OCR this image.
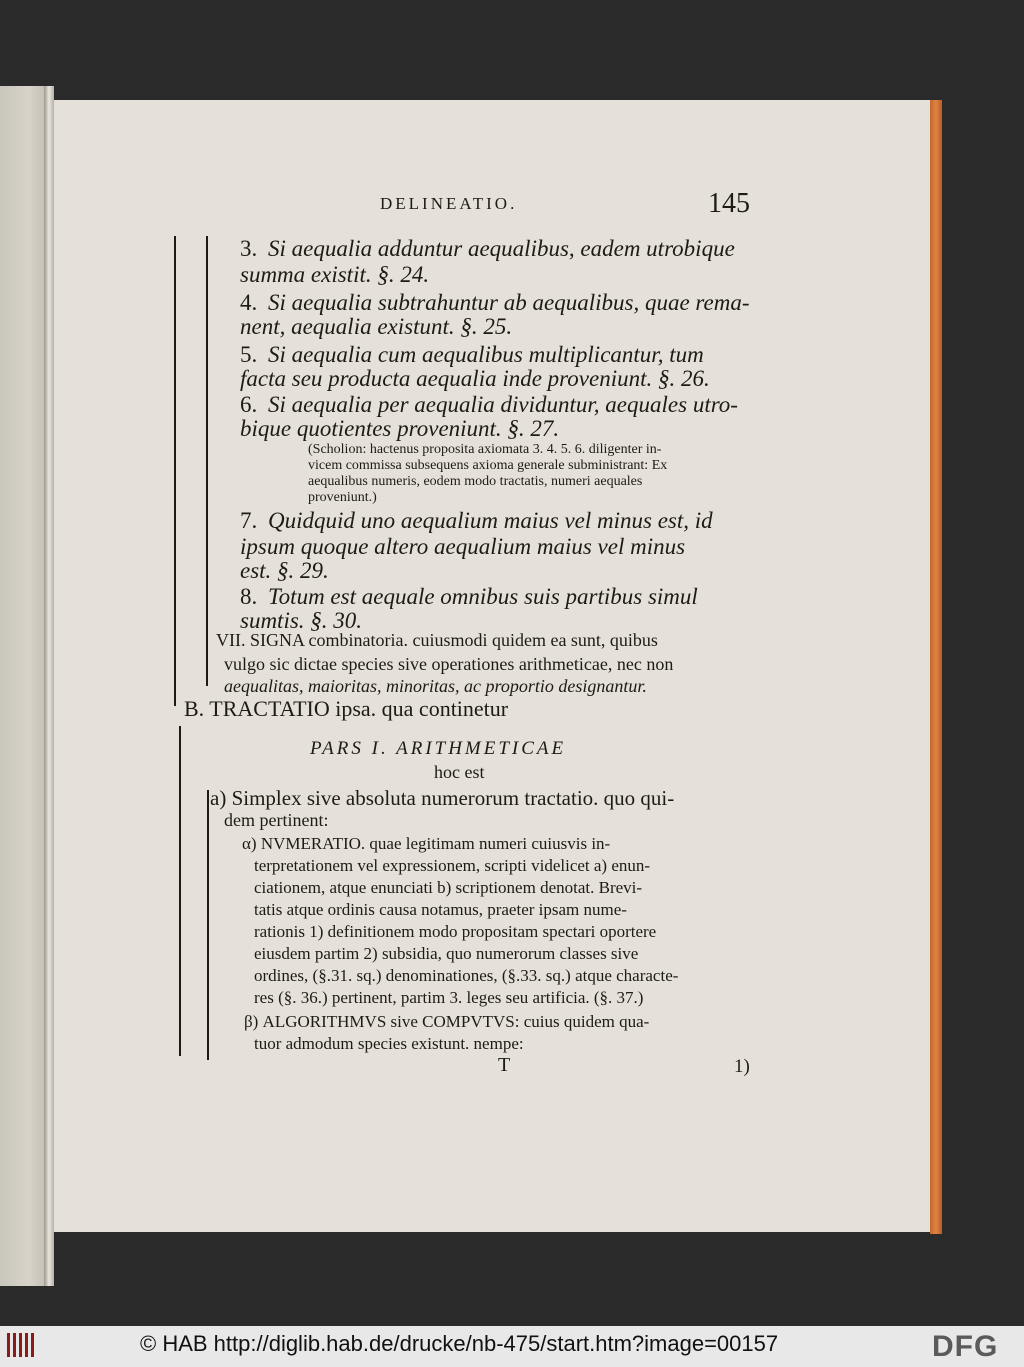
DELINEATIO.	145
3. Si aequalia adduntur aequalibus, eadem utrobique
summa existit. §. 24.
4. Si aequalia subtrahuntur ab aequalibus, quae rema-
nent, aequalia existunt. §. 25.
5. Si aequalia cum aequalibus multiplicantur, tum
facta seu producta aequalia inde proveniunt. §. 26.
6. Si aequalia per aequalia dividuntur, aequales utro-
bique quotientes proveniunt. §. 27.
(Scholion: hactenus proposita axiomata 3. 4. 5. 6. diligenter in-
vicem commissa subsequens axioma generale subministrant: Ex
aequalibus numeris, eodem modo tractatis, numeri aequales
proveniunt.)
7. Quidquid uno aequalium maius vel minus est, id
ipsum quoque altero aequalium maius vel minus
est. §. 29.
8. Totum est aequale omnibus suis partibus simul
sumtis. §. 30.
VII. SIGNA combinatoria. cuiusmodi quidem ea sunt, quibus
vulgo sic dictae species sive operationes arithmeticae, nec non
aequalitas, maioritas, minoritas, ac proportio designantur.
B. TRACTATIO ipsa. qua continetur
PARS I. ARITHMETICAE
hoc est
a) Simplex sive absoluta numerorum tractatio. quo qui-
dem pertinent:
α) NVMERATIO. quae legitimam numeri cuiusvis in-
terpretationem vel expressionem, scripti videlicet a) enun-
ciationem, atque enunciati b) scriptionem denotat. Brevi-
tatis atque ordinis causa notamus, praeter ipsam nume-
rationis 1) definitionem modo propositam spectari oportere
eiusdem partim 2) subsidia, quo numerorum classes sive
ordines, (§.31. sq.) denominationes, (§.33. sq.) atque characte-
res (§. 36.) pertinent, partim 3. leges seu artificia. (§. 37.)
β) ALGORITHMVS sive COMPVTVS: cuius quidem qua-
tuor admodum species existunt. nempe:
T	1)
© HAB http://diglib.hab.de/drucke/nb-475/start.htm?image=00157	DFG
